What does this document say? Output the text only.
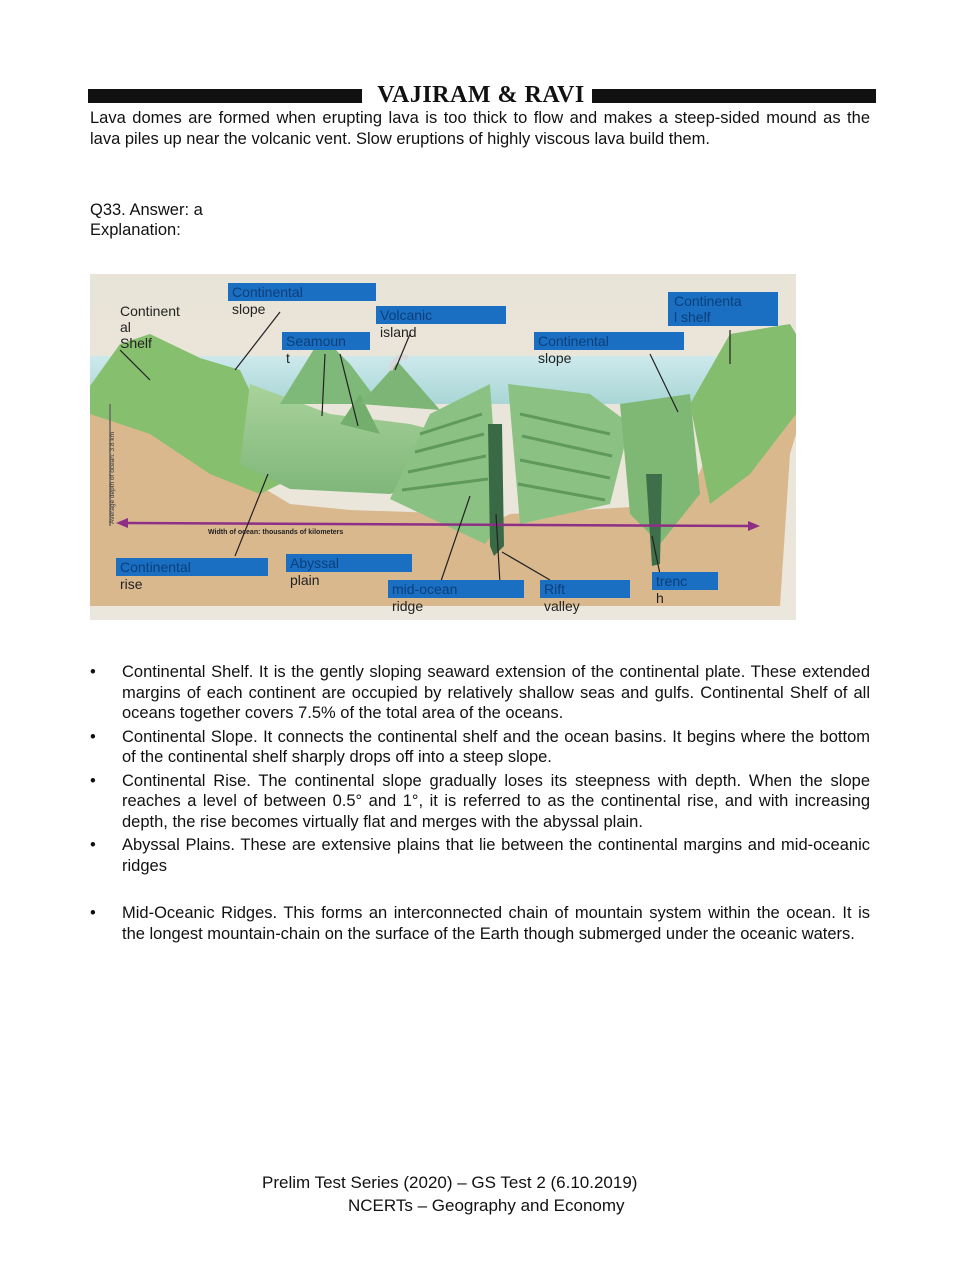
VAJIRAM & RAVI
Lava domes are formed when erupting lava is too thick to flow and makes a steep-sided mound as the lava piles up near the volcanic vent. Slow eruptions of highly viscous lava build them.
Q33. Answer: a
Explanation:
Average depth of ocean: 3.8 km
Width of ocean: thousands of kilometers
Continent al Shelf
Continental
slope	Volcanic
island
Seamoun
t
Continental
slope
Continenta
l shelf
Continental
rise
Abyssal
plain
mid-ocean
ridge
Rift
valley
trenc
h
• Continental Shelf. It is the gently sloping seaward extension of the continental plate. These extended margins of each continent are occupied by relatively shallow seas and gulfs. Continental Shelf of all oceans together covers 7.5% of the total area of the oceans.
• Continental Slope. It connects the continental shelf and the ocean basins. It begins where the bottom of the continental shelf sharply drops off into a steep slope.
• Continental Rise. The continental slope gradually loses its steepness with depth. When the slope reaches a level of between 0.5° and 1°, it is referred to as the continental rise, and with increasing depth, the rise becomes virtually flat and merges with the abyssal plain.
• Abyssal Plains. These are extensive plains that lie between the continental margins and mid-oceanic ridges
• Mid-Oceanic Ridges. This forms an interconnected chain of mountain system within the ocean. It is the longest mountain-chain on the surface of the Earth though submerged under the oceanic waters.
Prelim Test Series (2020) – GS Test 2 (6.10.2019)
NCERTs – Geography and Economy
